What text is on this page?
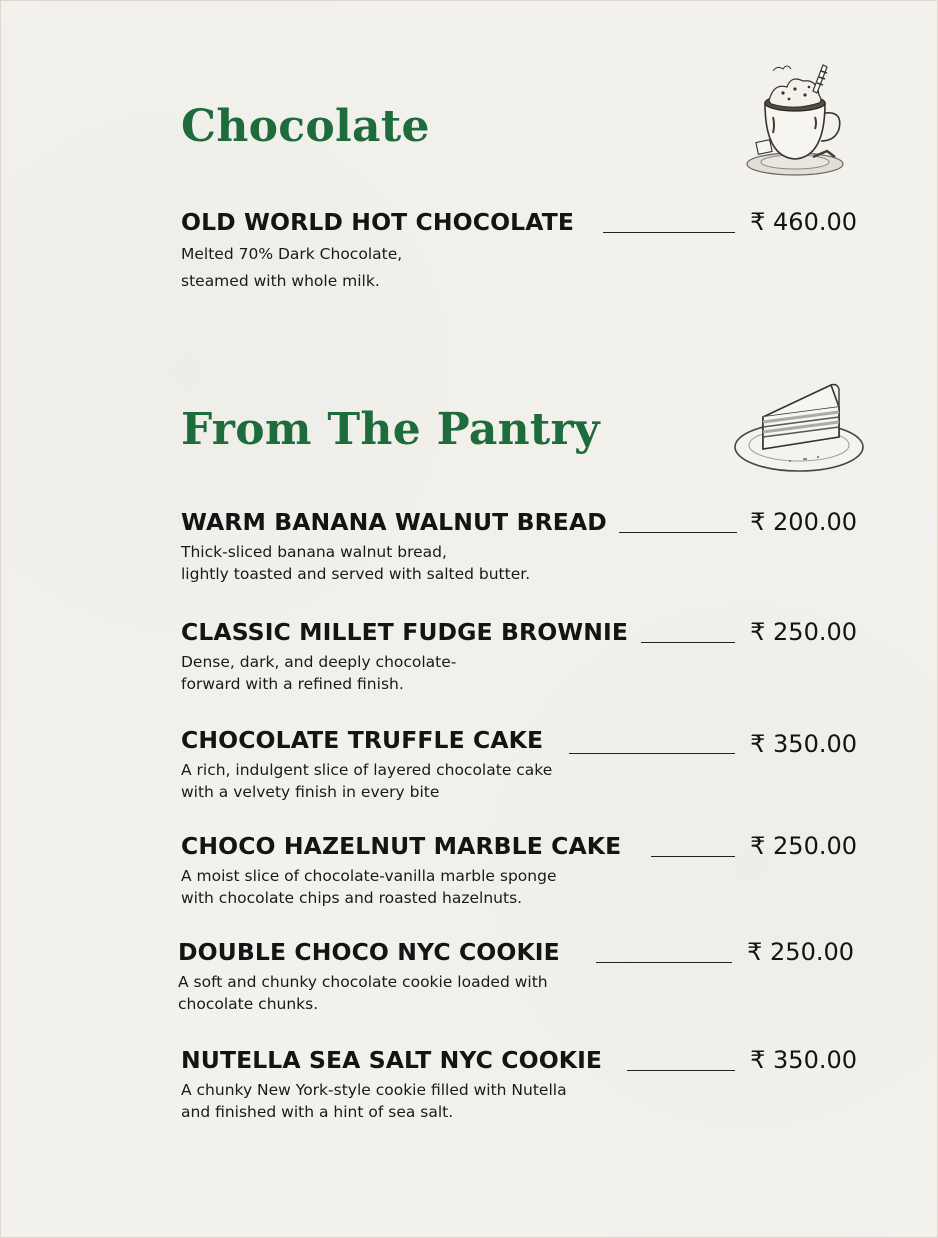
Chocolate
OLD WORLD HOT CHOCOLATE	₹ 460.00

Melted 70% Dark Chocolate,
steamed with whole milk.

From The Pantry
WARM BANANA WALNUT BREAD	₹ 200.00

Thick-sliced banana walnut bread,
lightly toasted and served with salted butter.

CLASSIC MILLET FUDGE BROWNIE	₹ 250.00

Dense, dark, and deeply chocolate-
forward with a refined finish.

CHOCOLATE TRUFFLE CAKE	₹ 350.00

A rich, indulgent slice of layered chocolate cake
with a velvety finish in every bite

CHOCO HAZELNUT MARBLE CAKE	₹ 250.00

A moist slice of chocolate-vanilla marble sponge
with chocolate chips and roasted hazelnuts.

DOUBLE CHOCO NYC COOKIE	₹ 250.00

A soft and chunky chocolate cookie loaded with
chocolate chunks.

NUTELLA SEA SALT NYC COOKIE	₹ 350.00

A chunky New York-style cookie filled with Nutella
and finished with a hint of sea salt.
